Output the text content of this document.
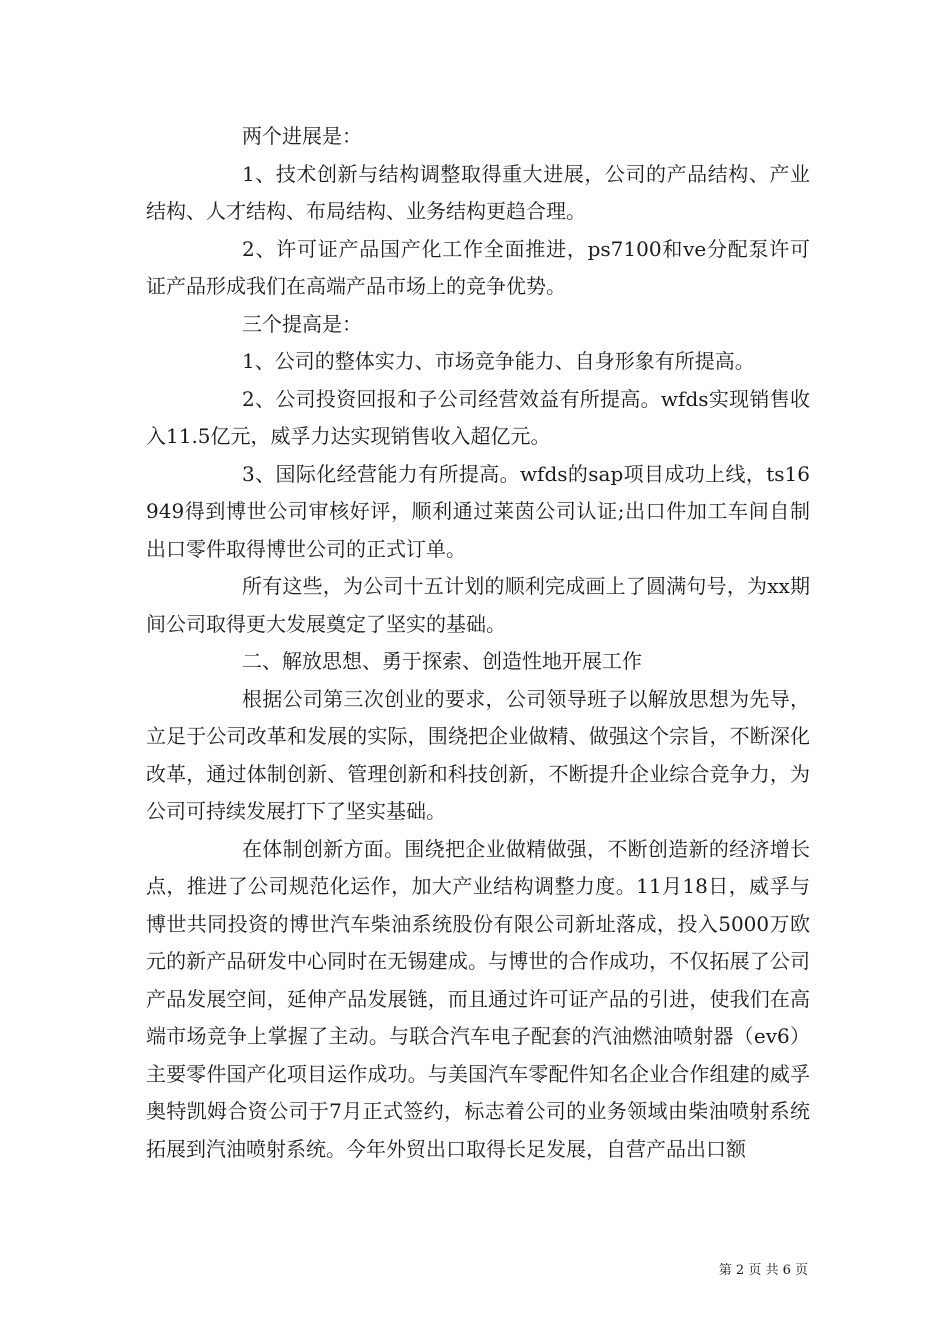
两个进展是：

1、技术创新与结构调整取得重大进展，公司的产品结构、产业结构、人才结构、布局结构、业务结构更趋合理。

2、许可证产品国产化工作全面推进，ps7100和ve分配泵许可证产品形成我们在高端产品市场上的竞争优势。

三个提高是：

1、公司的整体实力、市场竞争能力、自身形象有所提高。

2、公司投资回报和子公司经营效益有所提高。wfds实现销售收入11.5亿元，威孚力达实现销售收入超亿元。

3、国际化经营能力有所提高。wfds的sap项目成功上线，ts16949得到博世公司审核好评，顺利通过莱茵公司认证;出口件加工车间自制出口零件取得博世公司的正式订单。

所有这些，为公司十五计划的顺利完成画上了圆满句号，为xx期间公司取得更大发展奠定了坚实的基础。

二、解放思想、勇于探索、创造性地开展工作

根据公司第三次创业的要求，公司领导班子以解放思想为先导，立足于公司改革和发展的实际，围绕把企业做精、做强这个宗旨，不断深化改革，通过体制创新、管理创新和科技创新，不断提升企业综合竞争力，为公司可持续发展打下了坚实基础。

在体制创新方面。围绕把企业做精做强，不断创造新的经济增长点，推进了公司规范化运作，加大产业结构调整力度。11月18日，威孚与博世共同投资的博世汽车柴油系统股份有限公司新址落成，投入5000万欧元的新产品研发中心同时在无锡建成。与博世的合作成功，不仅拓展了公司产品发展空间，延伸产品发展链，而且通过许可证产品的引进，使我们在高端市场竞争上掌握了主动。与联合汽车电子配套的汽油燃油喷射器（ev6）主要零件国产化项目运作成功。与美国汽车零配件知名企业合作组建的威孚奥特凯姆合资公司于7月正式签约，标志着公司的业务领域由柴油喷射系统拓展到汽油喷射系统。今年外贸出口取得长足发展，自营产品出口额

第 2 页 共 6 页
